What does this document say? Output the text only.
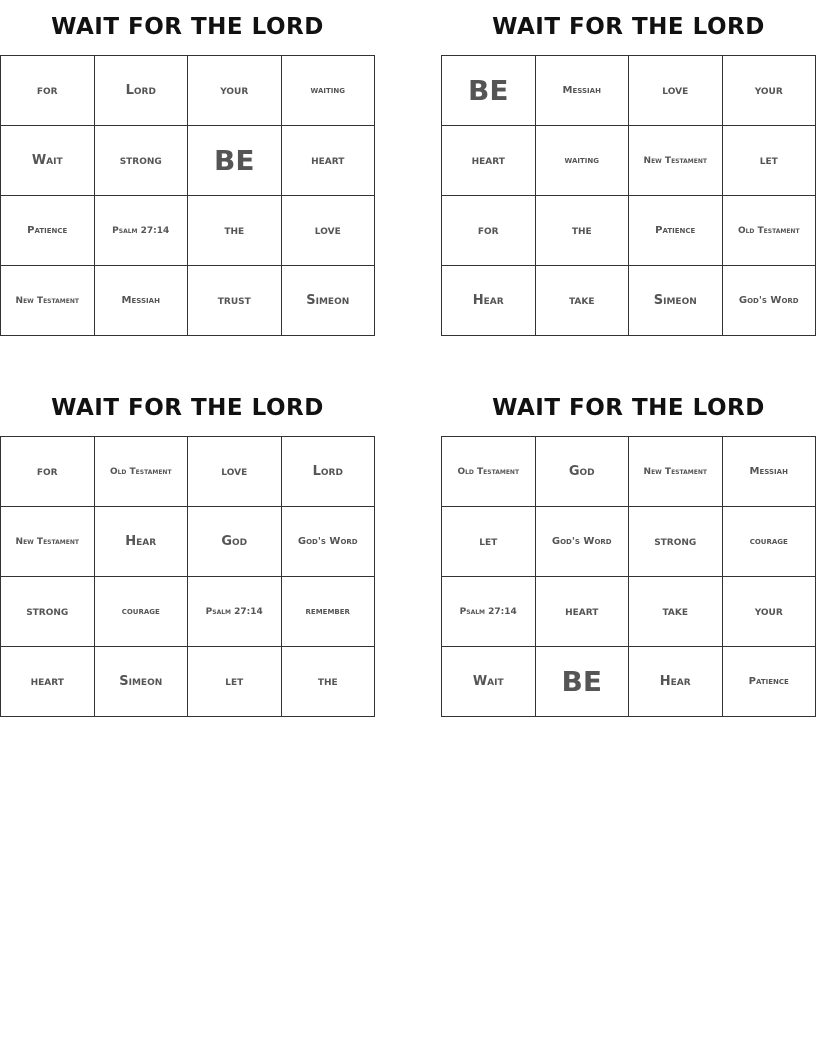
WAIT FOR THE LORD
for	Lord	your	waiting
Wait	strong	BE	heart
Patience	Psalm 27:14	the	love
New Testament	Messiah	trust	Simeon
WAIT FOR THE LORD
BE	Messiah	love	your
heart	waiting	New Testament	let
for	the	Patience	Old Testament
Hear	take	Simeon	God's Word
WAIT FOR THE LORD
for	Old Testament	love	Lord
New Testament	Hear	God	God's Word
strong	courage	Psalm 27:14	remember
heart	Simeon	let	the
WAIT FOR THE LORD
Old Testament	God	New Testament	Messiah
let	God's Word	strong	courage
Psalm 27:14	heart	take	your
Wait	BE	Hear	Patience
